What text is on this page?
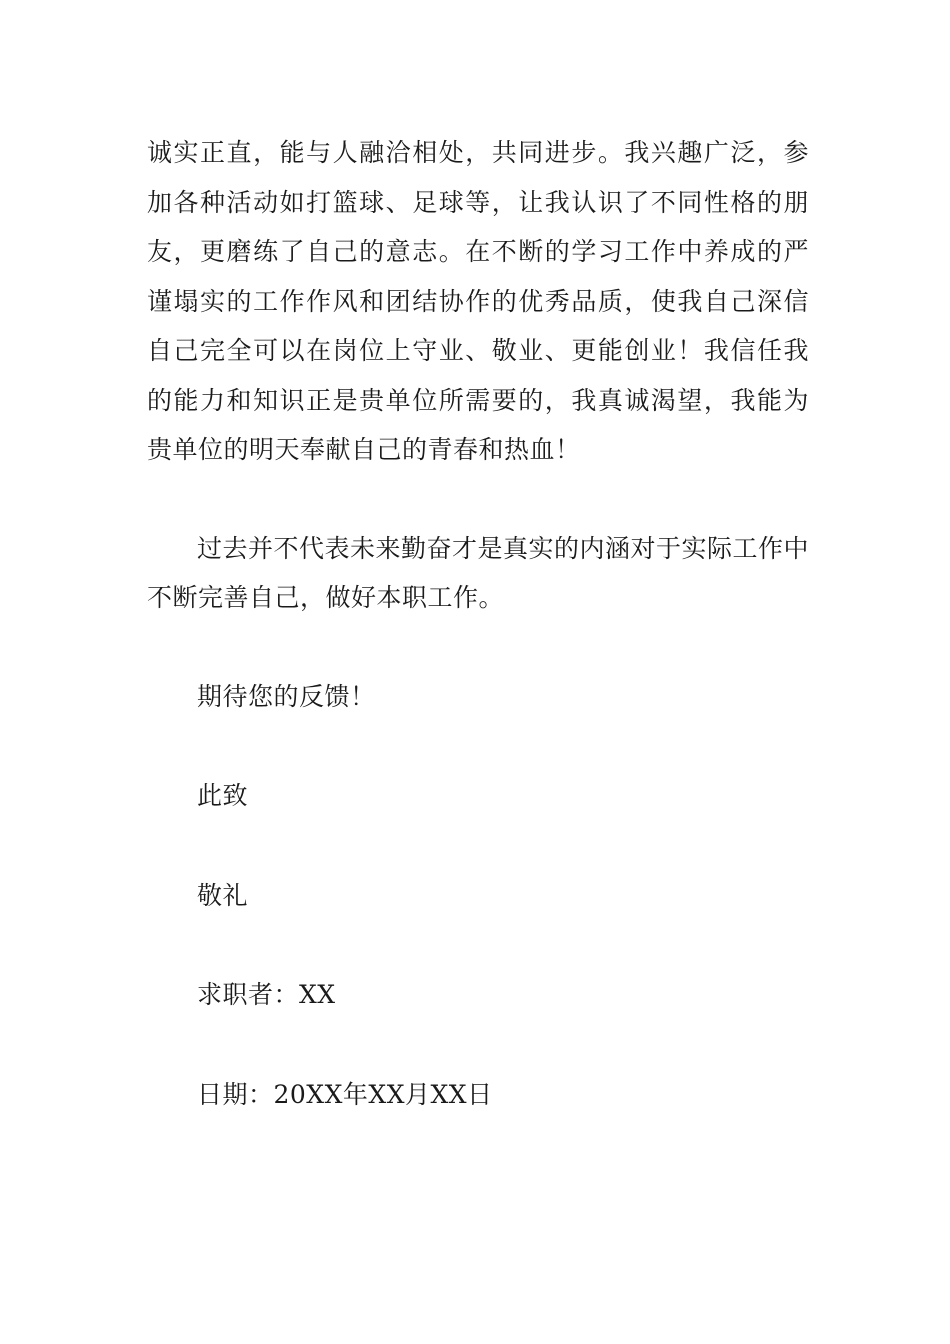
诚实正直，能与人融洽相处，共同进步。我兴趣广泛，参加各种活动如打篮球、足球等，让我认识了不同性格的朋友，更磨练了自己的意志。在不断的学习工作中养成的严谨塌实的工作作风和团结协作的优秀品质，使我自己深信自己完全可以在岗位上守业、敬业、更能创业！我信任我的能力和知识正是贵单位所需要的，我真诚渴望，我能为贵单位的明天奉献自己的青春和热血！

过去并不代表未来勤奋才是真实的内涵对于实际工作中不断完善自己，做好本职工作。

期待您的反馈！

此致

敬礼

求职者：XX

日期：20XX年XX月XX日
